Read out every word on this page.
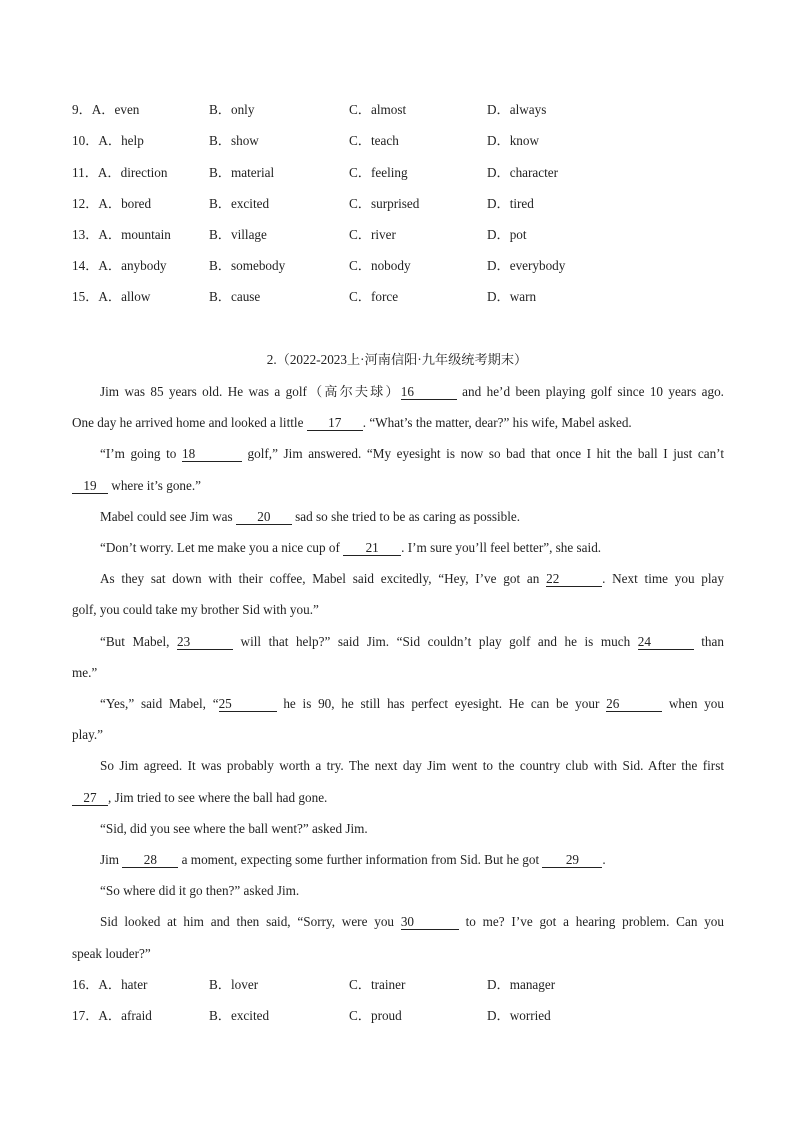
9．A．even	B．only	C．almost	D．always
10．A．help	B．show	C．teach	D．know
11．A．direction	B．material	C．feeling	D．character
12．A．bored	B．excited	C．surprised	D．tired
13．A．mountain	B．village	C．river	D．pot
14．A．anybody	B．somebody	C．nobody	D．everybody
15．A．allow	B．cause	C．force	D．warn
2.（2022-2023上·河南信阳·九年级统考期末）
Jim was 85 years old. He was a golf（高尔夫球）16	and he’d been playing golf since 10 years ago.
One day he arrived home and looked a little 17 . “What’s the matter, dear?” his wife, Mabel asked.
“I’m going to 18	golf,” Jim answered. “My eyesight is now so bad that once I hit the ball I just can’t
19 where it’s gone.”
Mabel could see Jim was 20 sad so she tried to be as caring as possible.
“Don’t worry. Let me make you a nice cup of 21 . I’m sure you’ll feel better”, she said.
As they sat down with their coffee, Mabel said excitedly, “Hey, I’ve got an 22	. Next time you play
golf, you could take my brother Sid with you.”
“But Mabel, 23	will that help?” said Jim. “Sid couldn’t play golf and he is much 24	than
me.”
“Yes,” said Mabel, “25	he is 90, he still has perfect eyesight. He can be your 26	when you
play.”
So Jim agreed. It was probably worth a try. The next day Jim went to the country club with Sid. After the first
27 , Jim tried to see where the ball had gone.
“Sid, did you see where the ball went?” asked Jim.
Jim 28 a moment, expecting some further information from Sid. But he got 29 .
“So where did it go then?” asked Jim.
Sid looked at him and then said, “Sorry, were you 30	to me? I’ve got a hearing problem. Can you
speak louder?”
16．A．hater	B．lover	C．trainer	D．manager
17．A．afraid	B．excited	C．proud	D．worried
